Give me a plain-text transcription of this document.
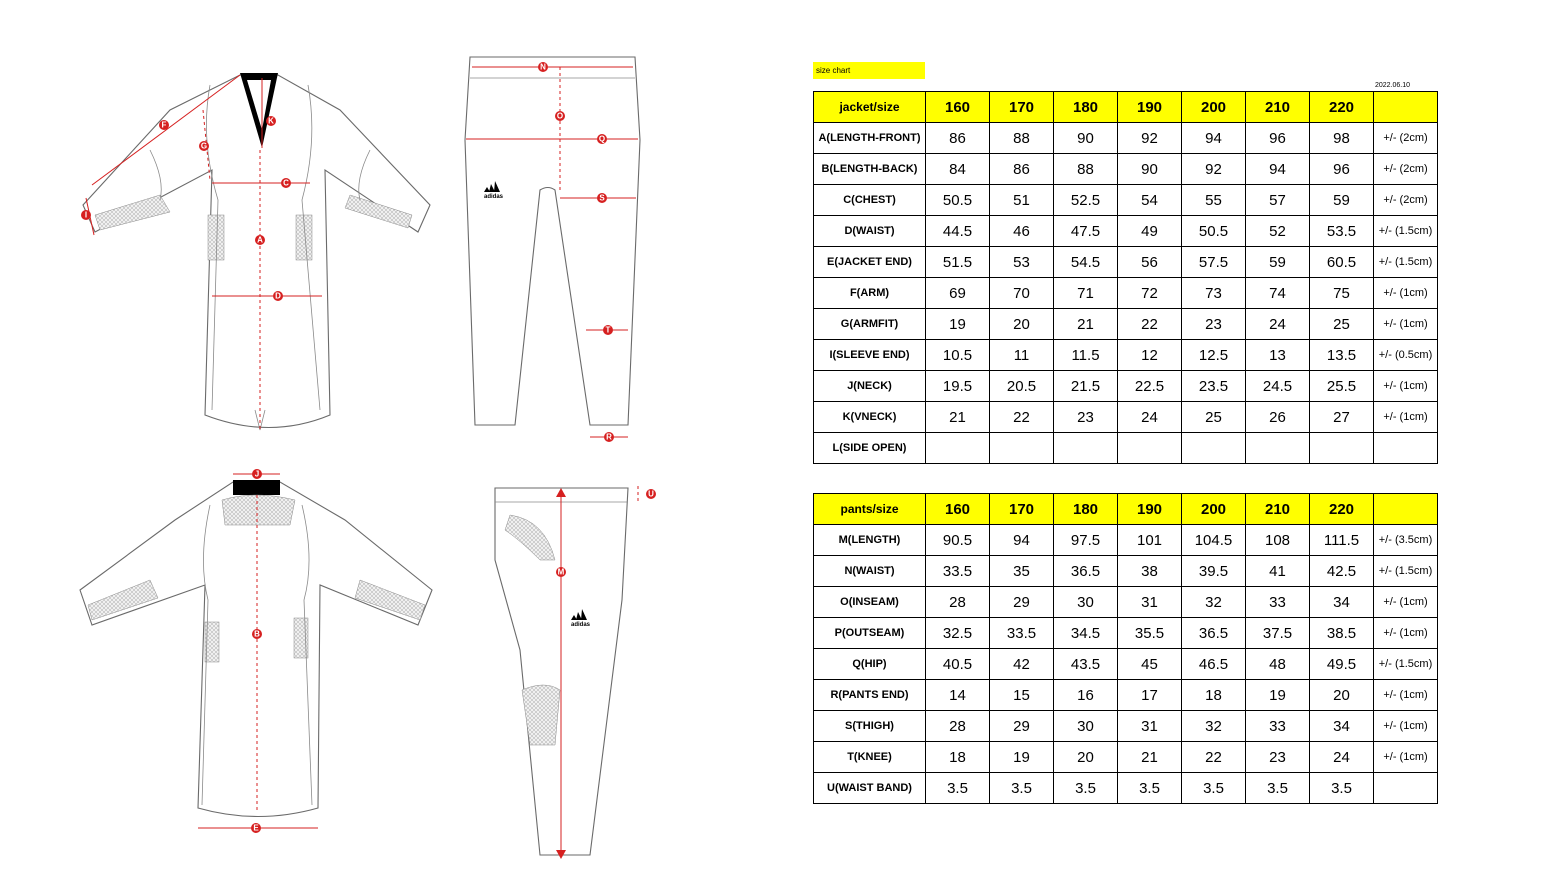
adidas
adidas
F
G
I
K
C
A
D
N
O
Q
S
T
R
J
B
E
M
U
size chart
2022.06.10
jacket/size	160	170	180	190	200	210	220	
A(LENGTH-FRONT)	86	88	90	92	94	96	98	+/- (2cm)
B(LENGTH-BACK)	84	86	88	90	92	94	96	+/- (2cm)
C(CHEST)	50.5	51	52.5	54	55	57	59	+/- (2cm)
D(WAIST)	44.5	46	47.5	49	50.5	52	53.5	+/- (1.5cm)
E(JACKET END)	51.5	53	54.5	56	57.5	59	60.5	+/- (1.5cm)
F(ARM)	69	70	71	72	73	74	75	+/- (1cm)
G(ARMFIT)	19	20	21	22	23	24	25	+/- (1cm)
I(SLEEVE END)	10.5	11	11.5	12	12.5	13	13.5	+/- (0.5cm)
J(NECK)	19.5	20.5	21.5	22.5	23.5	24.5	25.5	+/- (1cm)
K(VNECK)	21	22	23	24	25	26	27	+/- (1cm)
L(SIDE OPEN)								
pants/size	160	170	180	190	200	210	220	
M(LENGTH)	90.5	94	97.5	101	104.5	108	111.5	+/- (3.5cm)
N(WAIST)	33.5	35	36.5	38	39.5	41	42.5	+/- (1.5cm)
O(INSEAM)	28	29	30	31	32	33	34	+/- (1cm)
P(OUTSEAM)	32.5	33.5	34.5	35.5	36.5	37.5	38.5	+/- (1cm)
Q(HIP)	40.5	42	43.5	45	46.5	48	49.5	+/- (1.5cm)
R(PANTS END)	14	15	16	17	18	19	20	+/- (1cm)
S(THIGH)	28	29	30	31	32	33	34	+/- (1cm)
T(KNEE)	18	19	20	21	22	23	24	+/- (1cm)
U(WAIST BAND)	3.5	3.5	3.5	3.5	3.5	3.5	3.5	
